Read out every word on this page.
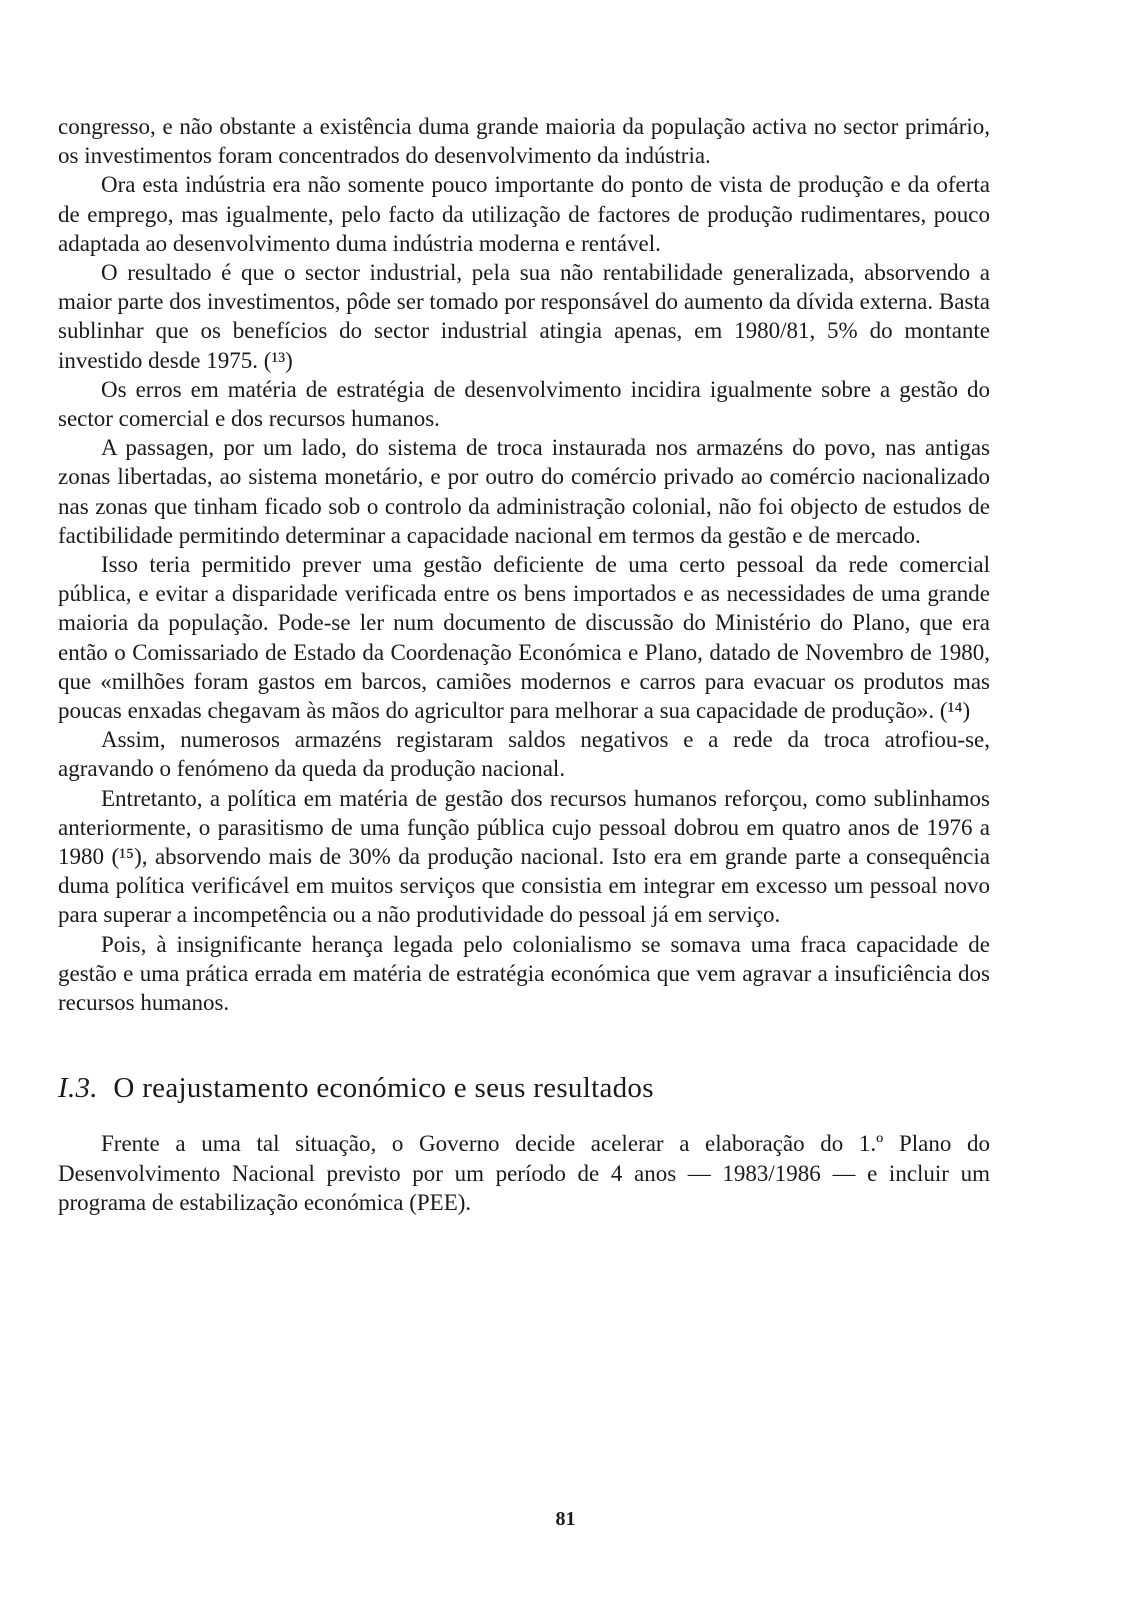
congresso, e não obstante a existência duma grande maioria da população activa no sector primário, os investimentos foram concentrados do desenvolvimento da indústria.

Ora esta indústria era não somente pouco importante do ponto de vista de produção e da oferta de emprego, mas igualmente, pelo facto da utilização de factores de produção rudimentares, pouco adaptada ao desenvolvimento duma indústria moderna e rentável.

O resultado é que o sector industrial, pela sua não rentabilidade generalizada, absorvendo a maior parte dos investimentos, pôde ser tomado por responsável do aumento da dívida externa. Basta sublinhar que os benefícios do sector industrial atingia apenas, em 1980/81, 5% do montante investido desde 1975. (¹³)

Os erros em matéria de estratégia de desenvolvimento incidira igualmente sobre a gestão do sector comercial e dos recursos humanos.

A passagen, por um lado, do sistema de troca instaurada nos armazéns do povo, nas antigas zonas libertadas, ao sistema monetário, e por outro do comércio privado ao comércio nacionalizado nas zonas que tinham ficado sob o controlo da administração colonial, não foi objecto de estudos de factibilidade permitindo determinar a capacidade nacional em termos da gestão e de mercado.

Isso teria permitido prever uma gestão deficiente de uma certo pessoal da rede comercial pública, e evitar a disparidade verificada entre os bens importados e as necessidades de uma grande maioria da população. Pode-se ler num documento de discussão do Ministério do Plano, que era então o Comissariado de Estado da Coordenação Económica e Plano, datado de Novembro de 1980, que «milhões foram gastos em barcos, camiões modernos e carros para evacuar os produtos mas poucas enxadas chegavam às mãos do agricultor para melhorar a sua capacidade de produção». (¹⁴)

Assim, numerosos armazéns registaram saldos negativos e a rede da troca atrofiou-se, agravando o fenómeno da queda da produção nacional.

Entretanto, a política em matéria de gestão dos recursos humanos reforçou, como sublinhamos anteriormente, o parasitismo de uma função pública cujo pessoal dobrou em quatro anos de 1976 a 1980 (¹⁵), absorvendo mais de 30% da produção nacional. Isto era em grande parte a consequência duma política verificável em muitos serviços que consistia em integrar em excesso um pessoal novo para superar a incompetência ou a não produtividade do pessoal já em serviço.

Pois, à insignificante herança legada pelo colonialismo se somava uma fraca capacidade de gestão e uma prática errada em matéria de estratégia económica que vem agravar a insuficiência dos recursos humanos.

I.3. O reajustamento económico e seus resultados

Frente a uma tal situação, o Governo decide acelerar a elaboração do 1.º Plano do Desenvolvimento Nacional previsto por um período de 4 anos — 1983/1986 — e incluir um programa de estabilização económica (PEE).

81
